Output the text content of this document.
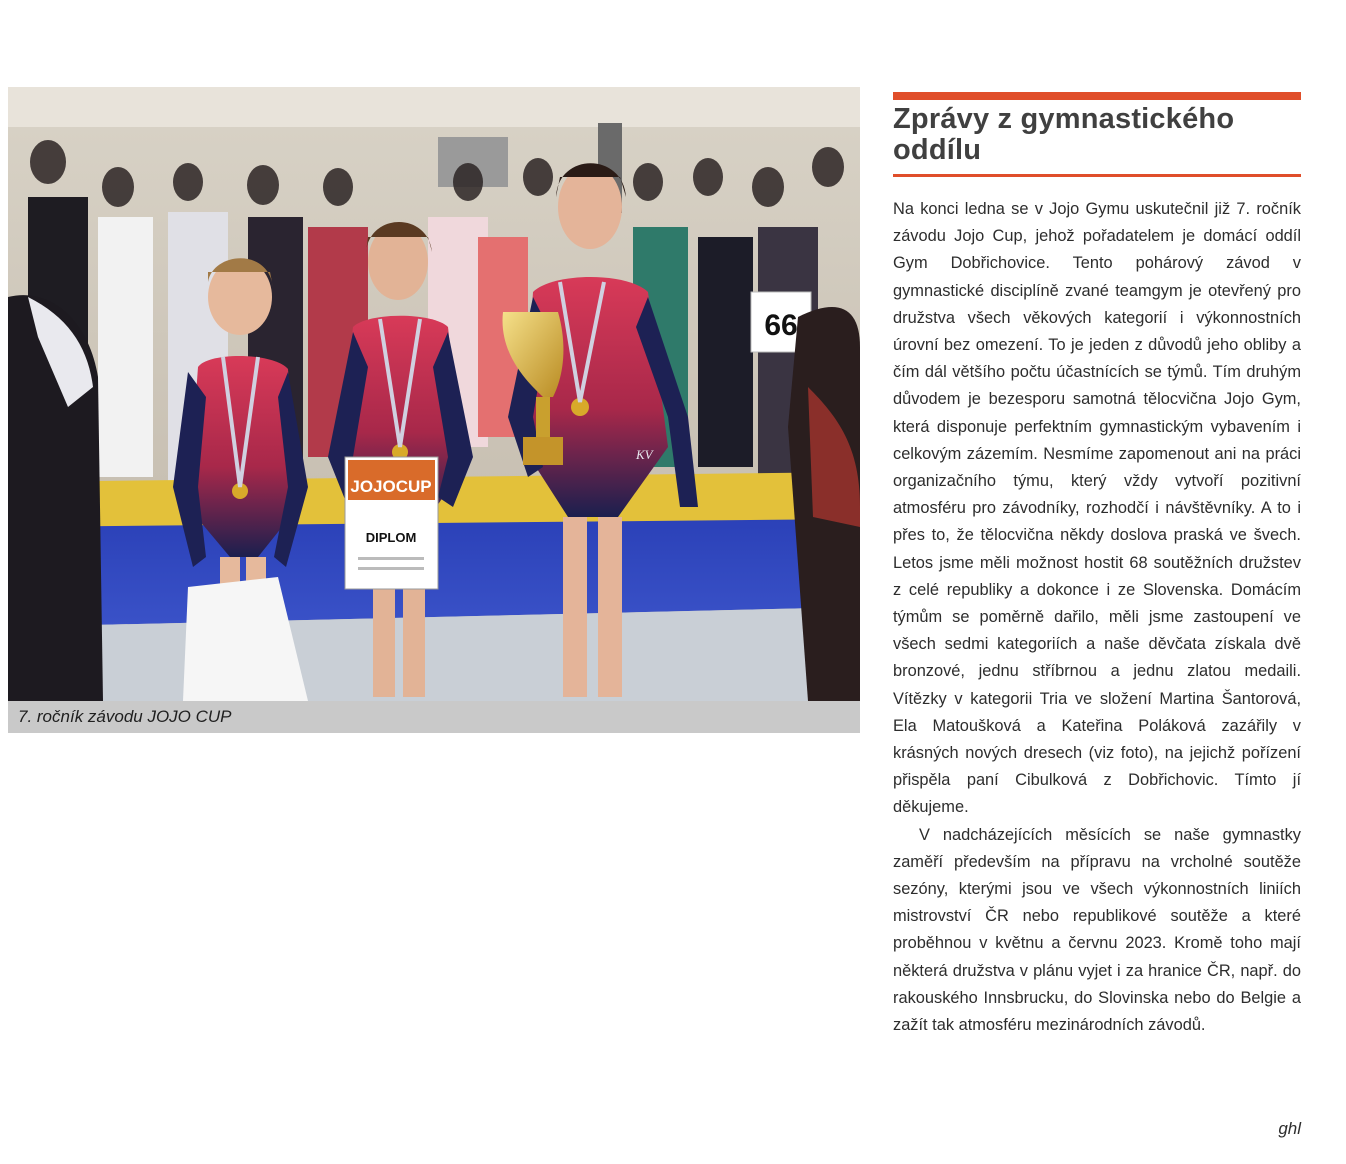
66
JOJOCUP
DIPLOM
KV
7. ročník závodu JOJO CUP
Zprávy z gymnastického oddílu

Na konci ledna se v Jojo Gymu uskutečnil již 7. ročník závodu Jojo Cup, jehož pořadatelem je domácí oddíl Gym Dobřichovice. Tento pohárový závod v gymnastické disciplíně zvané teamgym je otevřený pro družstva všech věkových kategorií i výkonnostních úrovní bez omezení. To je jeden z důvodů jeho obliby a čím dál většího počtu účastnících se týmů. Tím druhým důvodem je bezesporu samotná tělocvična Jojo Gym, která disponuje perfektním gymnastickým vybavením i celkovým zázemím. Nesmíme zapomenout ani na práci organizačního týmu, který vždy vytvoří pozitivní atmosféru pro závodníky, rozhodčí i návštěvníky. A to i přes to, že tělocvična někdy doslova praská ve švech. Letos jsme měli možnost hostit 68 soutěžních družstev z celé republiky a dokonce i ze Slovenska. Domácím týmům se poměrně dařilo, měli jsme zastoupení ve všech sedmi kategoriích a naše děvčata získala dvě bronzové, jednu stříbrnou a jednu zlatou medaili. Vítězky v kategorii Tria ve složení Martina Šantorová, Ela Matoušková a Kateřina Poláková zazářily v krásných nových dresech (viz foto), na jejichž pořízení přispěla paní Cibulková z Dobřichovic. Tímto jí děkujeme.

V nadcházejících měsících se naše gymnastky zaměří především na přípravu na vrcholné soutěže sezóny, kterými jsou ve všech výkonnostních liniích mistrovství ČR nebo republikové soutěže a které proběhnou v květnu a červnu 2023. Kromě toho mají některá družstva v plánu vyjet i za hranice ČR, např. do rakouského Innsbrucku, do Slovinska nebo do Belgie a zažít tak atmosféru mezinárodních závodů.

ghl
